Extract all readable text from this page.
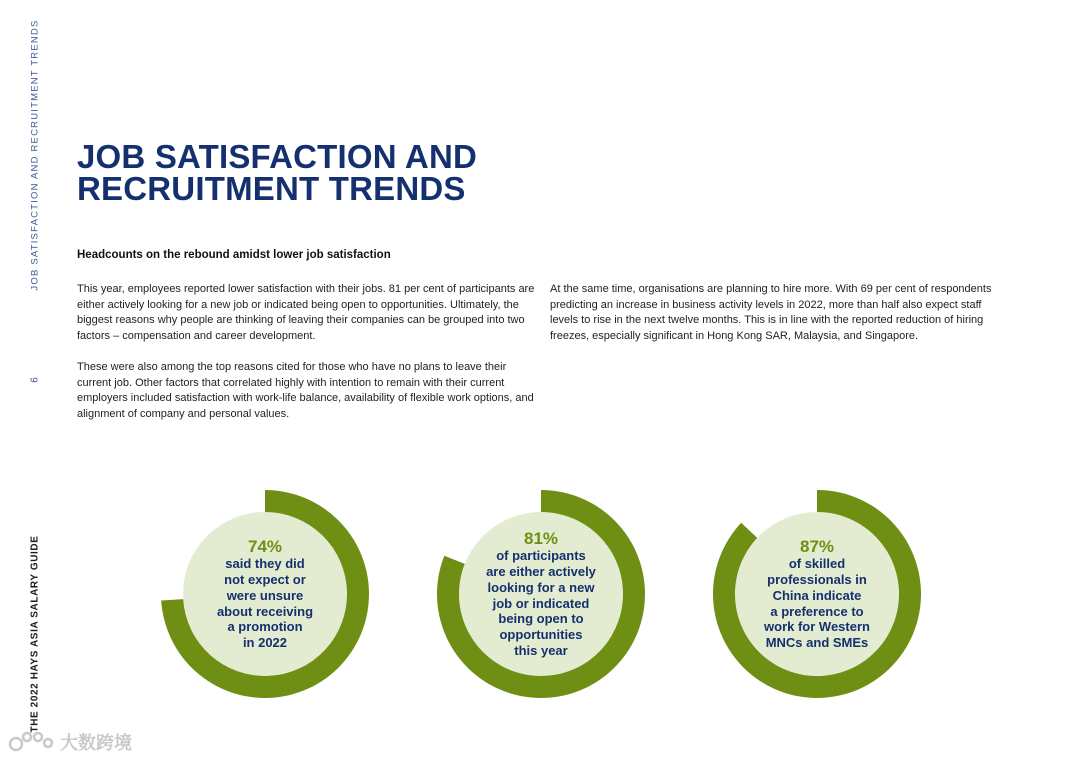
JOB SATISFACTION AND RECRUITMENT TRENDS
6
THE 2022 HAYS ASIA SALARY GUIDE
JOB SATISFACTION AND
RECRUITMENT TRENDS
Headcounts on the rebound amidst lower job satisfaction

This year, employees reported lower satisfaction with their jobs. 81 per cent of participants are either actively looking for a new job or indicated being open to opportunities. Ultimately, the biggest reasons why people are thinking of leaving their companies can be grouped into two factors – compensation and career development.

These were also among the top reasons cited for those who have no plans to leave their current job. Other factors that correlated highly with intention to remain with their current employers included satisfaction with work-life balance, availability of flexible work options, and alignment of company and personal values.

At the same time, organisations are planning to hire more. With 69 per cent of respondents predicting an increase in business activity levels in 2022, more than half also expect staff levels to rise in the next twelve months. This is in line with the reported reduction of hiring freezes, especially significant in Hong Kong SAR, Malaysia, and Singapore.

74%
said they did
not expect or
were unsure
about receiving
a promotion
in 2022
81%
of participants
are either actively
looking for a new
job or indicated
being open to
opportunities
this year
87%
of skilled
professionals in
China indicate
a preference to
work for Western
MNCs and SMEs
大数跨境
